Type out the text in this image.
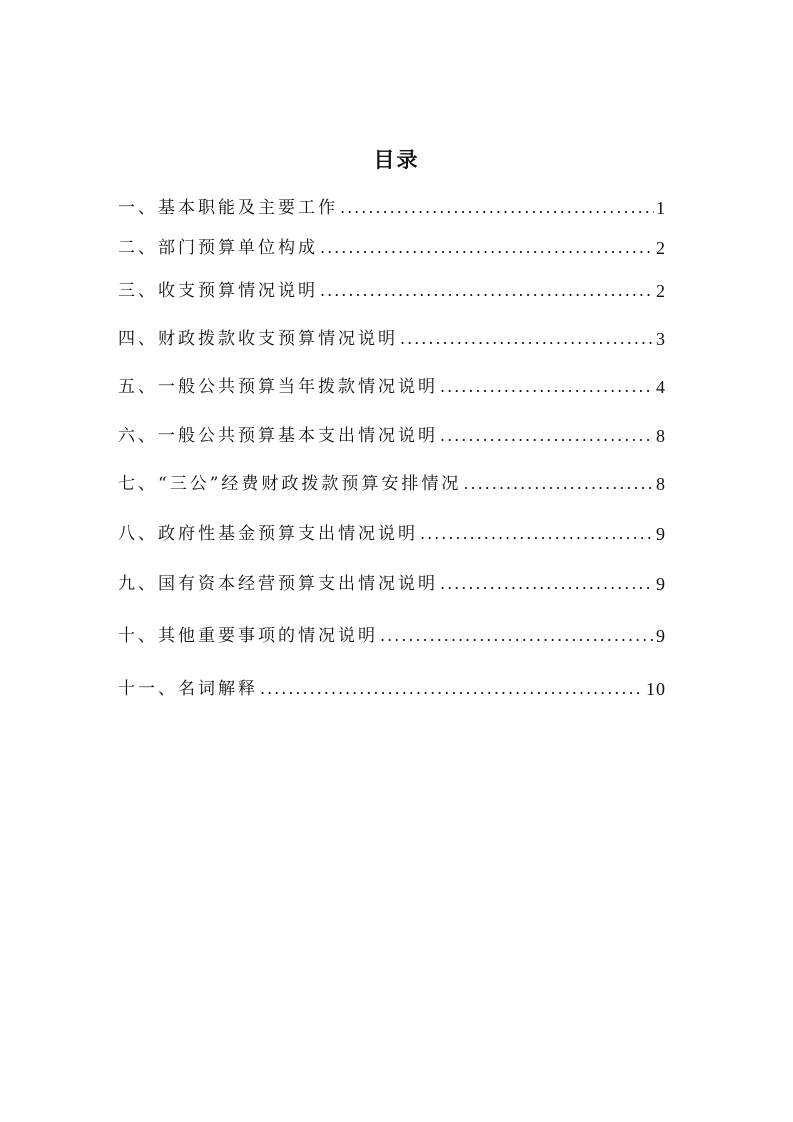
目录
一、基本职能及主要工作 .....	1
二、部门预算单位构成 .....	2
三、收支预算情况说明 .....	2
四、财政拨款收支预算情况说明 .....	3
五、一般公共预算当年拨款情况说明 .....	4
六、一般公共预算基本支出情况说明 .....	8
七、“三公”经费财政拨款预算安排情况 .....	8
八、政府性基金预算支出情况说明 .....	9
九、国有资本经营预算支出情况说明 .....	9
十、其他重要事项的情况说明 .....	9
十一、名词解释 .....	10
